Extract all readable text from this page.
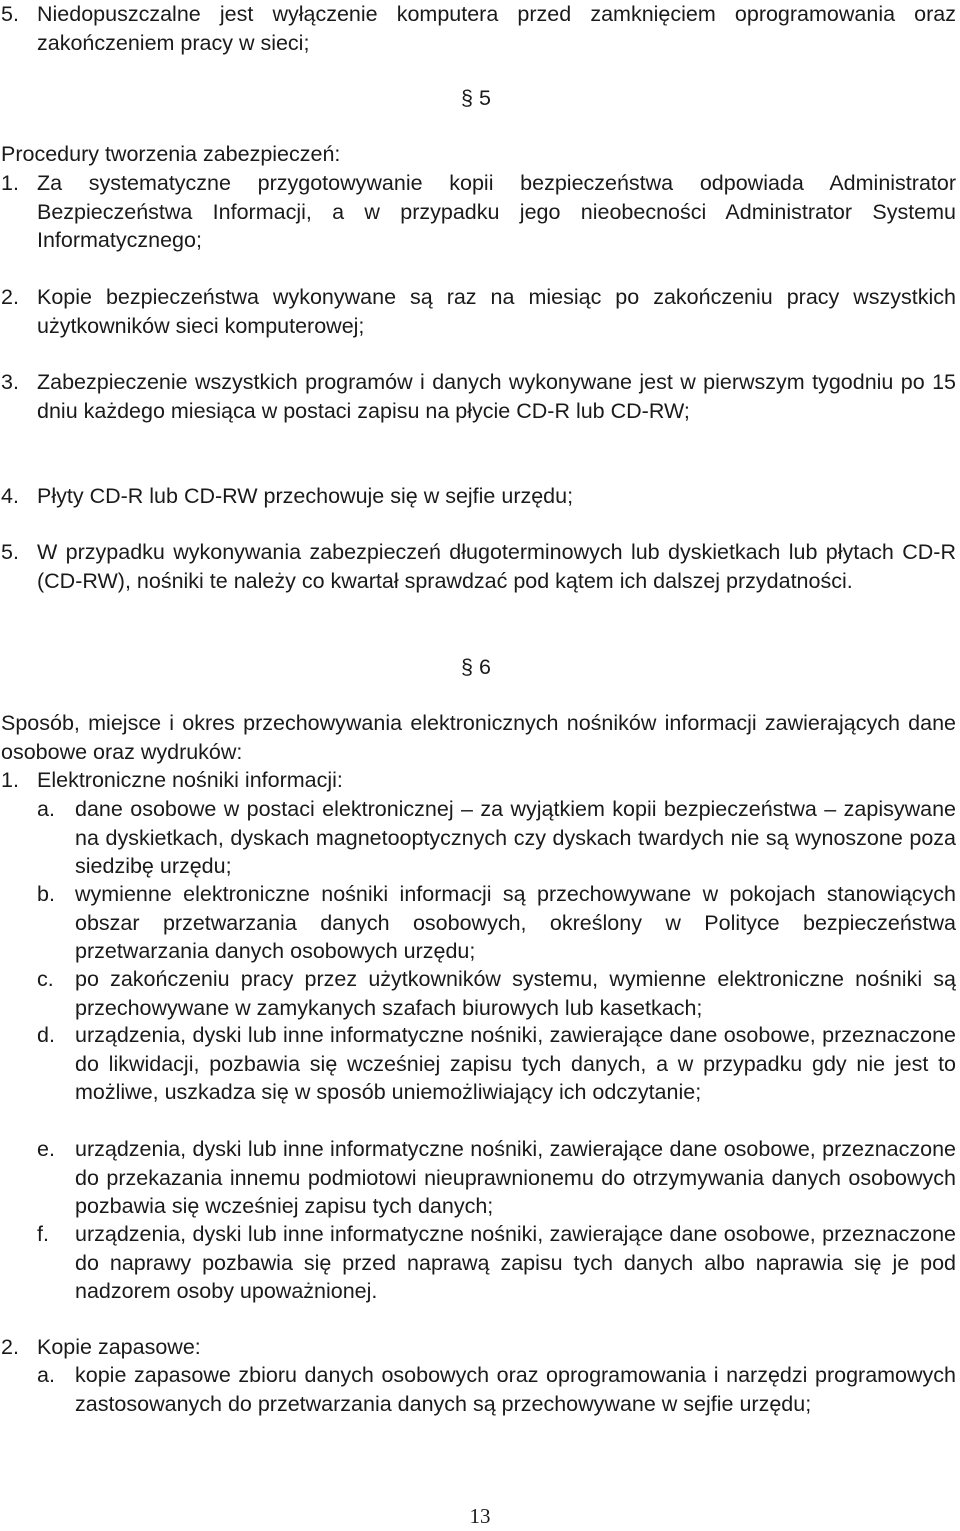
5. Niedopuszczalne jest wyłączenie komputera przed zamknięciem oprogramowania oraz zakończeniem pracy w sieci;
§ 5
Procedury tworzenia zabezpieczeń:
1. Za systematyczne przygotowywanie kopii bezpieczeństwa odpowiada Administrator Bezpieczeństwa Informacji, a w przypadku jego nieobecności Administrator Systemu Informatycznego;
2. Kopie bezpieczeństwa wykonywane są raz na miesiąc po zakończeniu pracy wszystkich użytkowników sieci komputerowej;
3. Zabezpieczenie wszystkich programów i danych wykonywane jest w pierwszym tygodniu po 15 dniu każdego miesiąca w postaci zapisu na płycie CD-R lub CD-RW;
4. Płyty CD-R lub CD-RW przechowuje się w sejfie urzędu;
5. W przypadku wykonywania zabezpieczeń długoterminowych lub dyskietkach lub płytach CD-R (CD-RW), nośniki te należy co kwartał sprawdzać pod kątem ich dalszej przydatności.
§ 6
Sposób, miejsce i okres przechowywania elektronicznych nośników informacji zawierających dane osobowe oraz wydruków:
1. Elektroniczne nośniki informacji:
a. dane osobowe w postaci elektronicznej – za wyjątkiem kopii bezpieczeństwa – zapisywane na dyskietkach, dyskach magnetooptycznych czy dyskach twardych nie są wynoszone poza siedzibę urzędu;
b. wymienne elektroniczne nośniki informacji są przechowywane w pokojach stanowiących obszar przetwarzania danych osobowych, określony w Polityce bezpieczeństwa przetwarzania danych osobowych urzędu;
c. po zakończeniu pracy przez użytkowników systemu, wymienne elektroniczne nośniki są przechowywane w zamykanych szafach biurowych lub kasetkach;
d. urządzenia, dyski lub inne informatyczne nośniki, zawierające dane osobowe, przeznaczone do likwidacji, pozbawia się wcześniej zapisu tych danych, a w przypadku gdy nie jest to możliwe, uszkadza się w sposób uniemożliwiający ich odczytanie;
e. urządzenia, dyski lub inne informatyczne nośniki, zawierające dane osobowe, przeznaczone do przekazania innemu podmiotowi nieuprawnionemu do otrzymywania danych osobowych pozbawia się wcześniej zapisu tych danych;
f. urządzenia, dyski lub inne informatyczne nośniki, zawierające dane osobowe, przeznaczone do naprawy pozbawia się przed naprawą zapisu tych danych albo naprawia się je pod nadzorem osoby upoważnionej.
2. Kopie zapasowe:
a. kopie zapasowe zbioru danych osobowych oraz oprogramowania i narzędzi programowych zastosowanych do przetwarzania danych są przechowywane w sejfie urzędu;
13
